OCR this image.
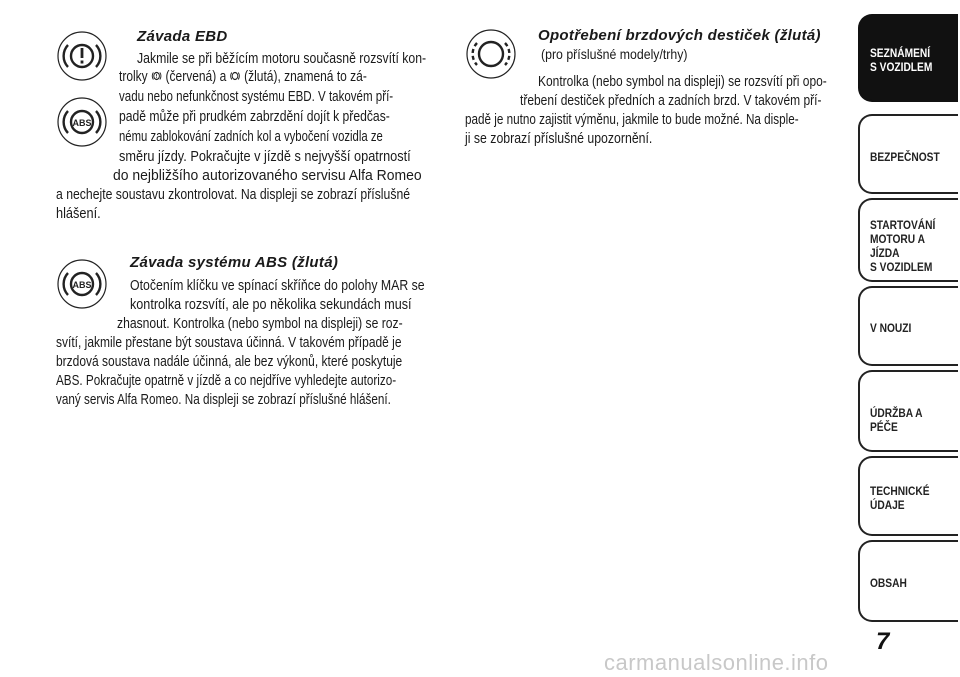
ABS
Závada EBD
Jakmile se při běžícím motoru současně rozsvítí kon-
trolky  (červená) a  (žlutá), znamená to zá-
vadu nebo nefunkčnost systému EBD. V takovém pří-
padě může při prudkém zabrzdění dojít k předčas-
nému zablokování zadních kol a vybočení vozidla ze
směru jízdy. Pokračujte v jízdě s nejvyšší opatrností
do nejbližšího autorizovaného servisu Alfa Romeo
a nechejte soustavu zkontrolovat. Na displeji se zobrazí příslušné
hlášení.
ABS
Závada systému ABS (žlutá)
Otočením klíčku ve spínací skříňce do polohy MAR se
kontrolka rozsvítí, ale po několika sekundách musí
zhasnout. Kontrolka (nebo symbol na displeji) se roz-
svítí, jakmile přestane být soustava účinná. V takovém případě je
brzdová soustava nadále účinná, ale bez výkonů, které poskytuje
ABS. Pokračujte opatrně v jízdě a co nejdříve vyhledejte autorizo-
vaný servis Alfa Romeo. Na displeji se zobrazí příslušné hlášení.
Opotřebení brzdových destiček (žlutá)
(pro příslušné modely/trhy)
Kontrolka (nebo symbol na displeji) se rozsvítí při opo-
třebení destiček předních a zadních brzd. V takovém pří-
padě je nutno zajistit výměnu, jakmile to bude možné. Na disple-
ji se zobrazí příslušné upozornění.
SEZNÁMENÍ
S VOZIDLEM
BEZPEČNOST
STARTOVÁNÍ
MOTORU A JÍZDA
S VOZIDLEM
V NOUZI
ÚDRŽBA A PÉČE
TECHNICKÉ
ÚDAJE
OBSAH
7
carmanualsonline.info
